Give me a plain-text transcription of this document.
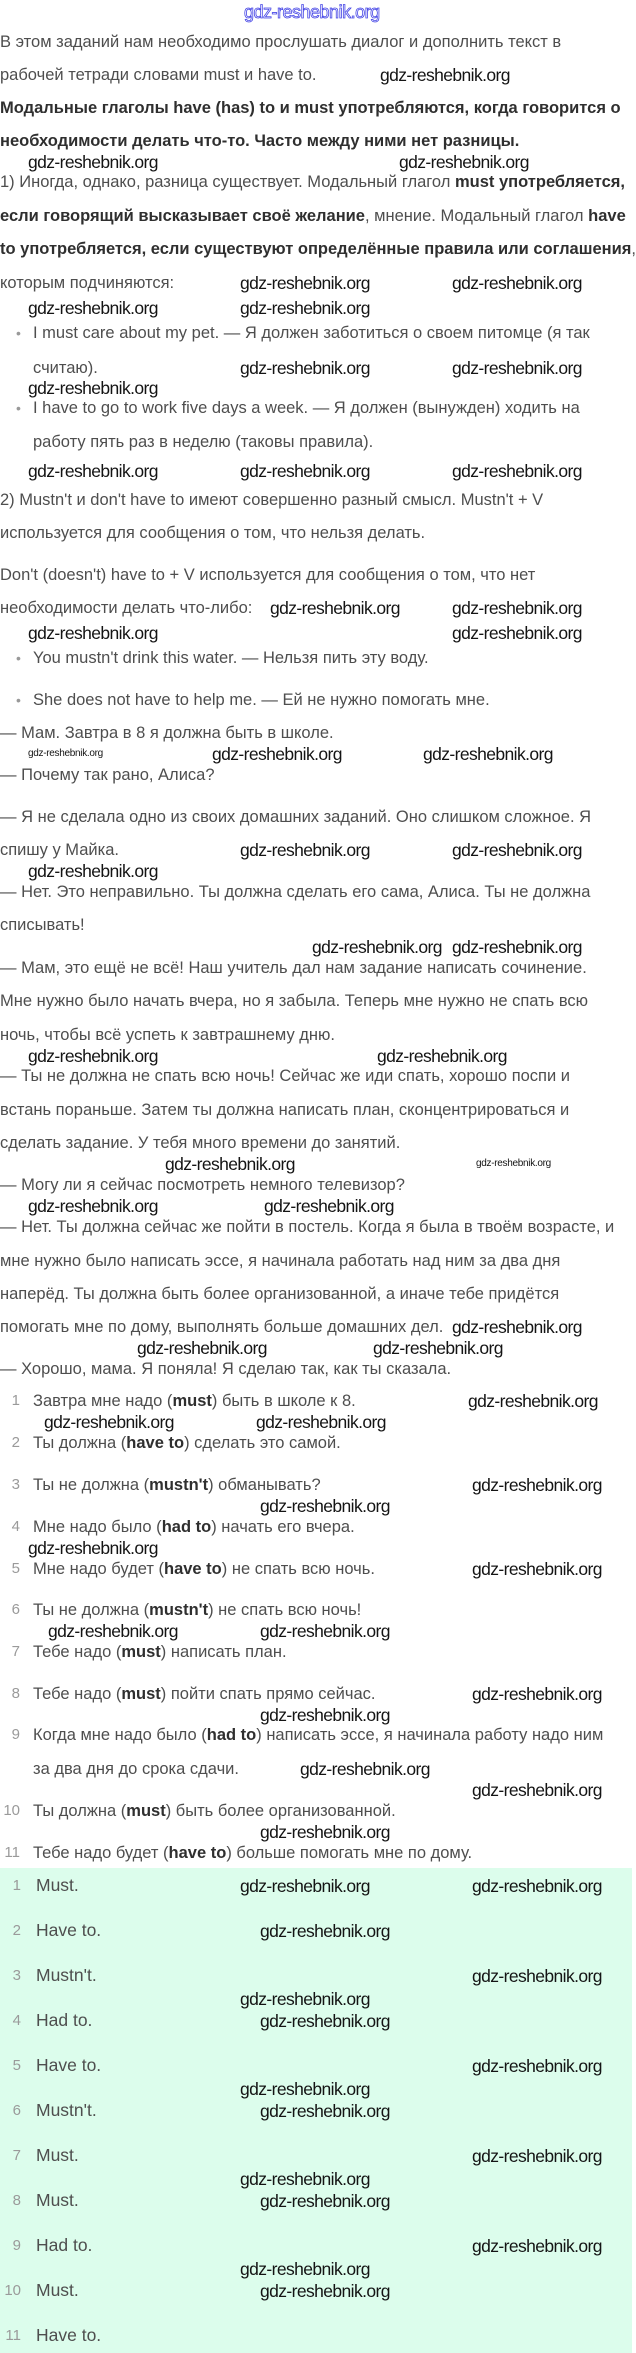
gdz-reshebnik.org
В этом заданий нам необходимо прослушать диалог и дополнить текст в
рабочей тетради словами must и have to.
Модальные глаголы have (has) to и must употребляются, когда говорится о
необходимости делать что-то. Часто между ними нет разницы.
1) Иногда, однако, разница существует. Модальный глагол must употребляется,
если говорящий высказывает своё желание, мнение. Модальный глагол have
to употребляется, если существуют определённые правила или соглашения,
которым подчиняются:
• I must care about my pet. — Я должен заботиться о своем питомце (я так
считаю).
• I have to go to work five days a week. — Я должен (вынужден) ходить на
работу пять раз в неделю (таковы правила).
2) Mustn't и don't have to имеют совершенно разный смысл. Mustn't + V
используется для сообщения о том, что нельзя делать.
Don't (doesn't) have to + V используется для сообщения о том, что нет
необходимости делать что-либо:
• You mustn't drink this water. — Нельзя пить эту воду.
• She does not have to help me. — Ей не нужно помогать мне.
— Мам. Завтра в 8 я должна быть в школе.
— Почему так рано, Алиса?
— Я не сделала одно из своих домашних заданий. Оно слишком сложное. Я
спишу у Майка.
— Нет. Это неправильно. Ты должна сделать его сама, Алиса. Ты не должна
списывать!
— Мам, это ещё не всё! Наш учитель дал нам задание написать сочинение.
Мне нужно было начать вчера, но я забыла. Теперь мне нужно не спать всю
ночь, чтобы всё успеть к завтрашнему дню.
— Ты не должна не спать всю ночь! Сейчас же иди спать, хорошо поспи и
встань пораньше. Затем ты должна написать план, сконцентрироваться и
сделать задание. У тебя много времени до занятий.
— Могу ли я сейчас посмотреть немного телевизор?
— Нет. Ты должна сейчас же пойти в постель. Когда я была в твоём возрасте, и
мне нужно было написать эссе, я начинала работать над ним за два дня
наперёд. Ты должна быть более организованной, а иначе тебе придётся
помогать мне по дому, выполнять больше домашних дел.
— Хорошо, мама. Я поняла! Я сделаю так, как ты сказала.
1 Завтра мне надо (must) быть в школе к 8.
2 Ты должна (have to) сделать это самой.
3 Ты не должна (mustn't) обманывать?
4 Мне надо было (had to) начать его вчера.
5 Мне надо будет (have to) не спать всю ночь.
6 Ты не должна (mustn't) не спать всю ночь!
7 Тебе надо (must) написать план.
8 Тебе надо (must) пойти спать прямо сейчас.
9 Когда мне надо было (had to) написать эссе, я начинала работу надо ним
за два дня до срока сдачи.
10 Ты должна (must) быть более организованной.
11 Тебе надо будет (have to) больше помогать мне по дому.
1 Must.
2 Have to.
3 Mustn't.
4 Had to.
5 Have to.
6 Mustn't.
7 Must.
8 Must.
9 Had to.
10 Must.
11 Have to.
gdz-reshebnik.org
gdz-reshebnik.org	gdz-reshebnik.org
gdz-reshebnik.org
gdz-reshebnik.org	gdz-reshebnik.org
gdz-reshebnik.org
gdz-reshebnik.org	gdz-reshebnik.org
gdz-reshebnik.org
gdz-reshebnik.org	gdz-reshebnik.org
gdz-reshebnik.org
gdz-reshebnik.org	gdz-reshebnik.org
gdz-reshebnik.org	gdz-reshebnik.org
gdz-reshebnik.org	gdz-reshebnik.org	gdz-reshebnik.org
gdz-reshebnik.org	gdz-reshebnik.org
gdz-reshebnik.org
gdz-reshebnik.org gdz-reshebnik.org
gdz-reshebnik.org	gdz-reshebnik.org
gdz-reshebnik.org	gdz-reshebnik.org
gdz-reshebnik.org
gdz-reshebnik.org
gdz-reshebnik.org	gdz-reshebnik.org
gdz-reshebnik.org
gdz-reshebnik.org
gdz-reshebnik.org	gdz-reshebnik.org
gdz-reshebnik.org
gdz-reshebnik.org
gdz-reshebnik.org
gdz-reshebnik.org
gdz-reshebnik.org
gdz-reshebnik.org
gdz-reshebnik.org
gdz-reshebnik.org
gdz-reshebnik.org
gdz-reshebnik.org
gdz-reshebnik.org
gdz-reshebnik.org	gdz-reshebnik.org
gdz-reshebnik.org
gdz-reshebnik.org
gdz-reshebnik.org
gdz-reshebnik.org
gdz-reshebnik.org
gdz-reshebnik.org
gdz-reshebnik.org
gdz-reshebnik.org
gdz-reshebnik.org
gdz-reshebnik.org
gdz-reshebnik.org
gdz-reshebnik.org
gdz-reshebnik.org
